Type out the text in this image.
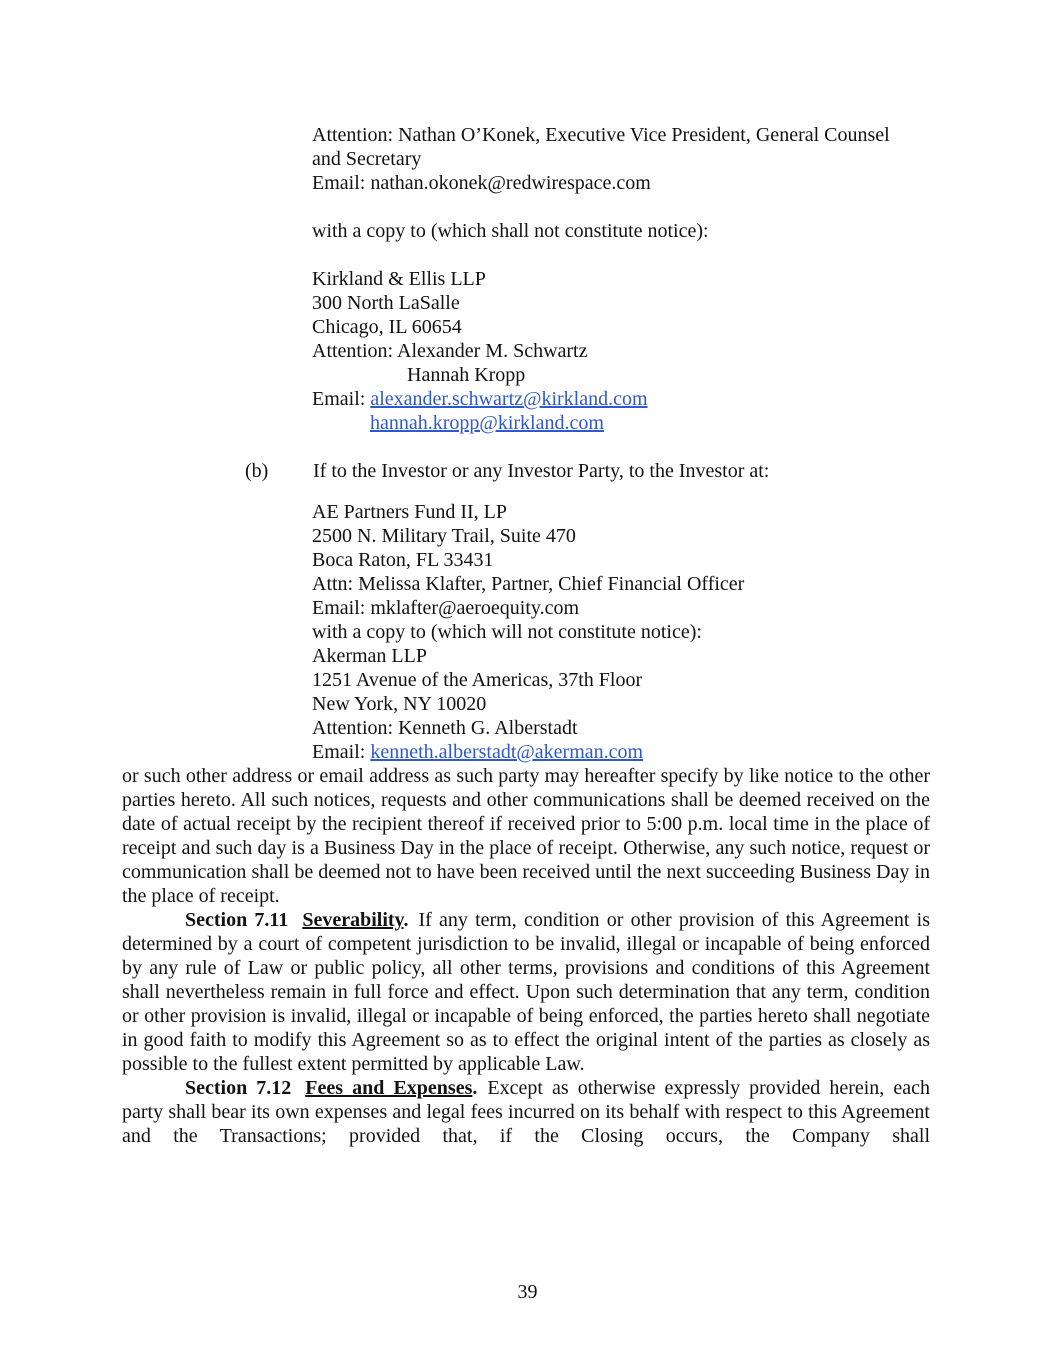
Attention: Nathan O’Konek, Executive Vice President, General Counsel
and Secretary
Email: nathan.okonek@redwirespace.com
with a copy to (which shall not constitute notice):
Kirkland & Ellis LLP
300 North LaSalle
Chicago, IL 60654
Attention: Alexander M. Schwartz
Hannah Kropp
Email: alexander.schwartz@kirkland.com
hannah.kropp@kirkland.com
(b)	If to the Investor or any Investor Party, to the Investor at:
AE Partners Fund II, LP
2500 N. Military Trail, Suite 470
Boca Raton, FL 33431
Attn: Melissa Klafter, Partner, Chief Financial Officer
Email: mklafter@aeroequity.com
with a copy to (which will not constitute notice):
Akerman LLP
1251 Avenue of the Americas, 37th Floor
New York, NY 10020
Attention: Kenneth G. Alberstadt
Email: kenneth.alberstadt@akerman.com

or such other address or email address as such party may hereafter specify by like notice to the other parties hereto. All such notices, requests and other communications shall be deemed received on the date of actual receipt by the recipient thereof if received prior to 5:00 p.m. local time in the place of receipt and such day is a Business Day in the place of receipt. Otherwise, any such notice, request or communication shall be deemed not to have been received until the next succeeding Business Day in the place of receipt.

Section 7.11 Severability. If any term, condition or other provision of this Agreement is determined by a court of competent jurisdiction to be invalid, illegal or incapable of being enforced by any rule of Law or public policy, all other terms, provisions and conditions of this Agreement shall nevertheless remain in full force and effect. Upon such determination that any term, condition or other provision is invalid, illegal or incapable of being enforced, the parties hereto shall negotiate in good faith to modify this Agreement so as to effect the original intent of the parties as closely as possible to the fullest extent permitted by applicable Law.

Section 7.12 Fees and Expenses. Except as otherwise expressly provided herein, each party shall bear its own expenses and legal fees incurred on its behalf with respect to this Agreement and the Transactions; provided that, if the Closing occurs, the Company shall

39
